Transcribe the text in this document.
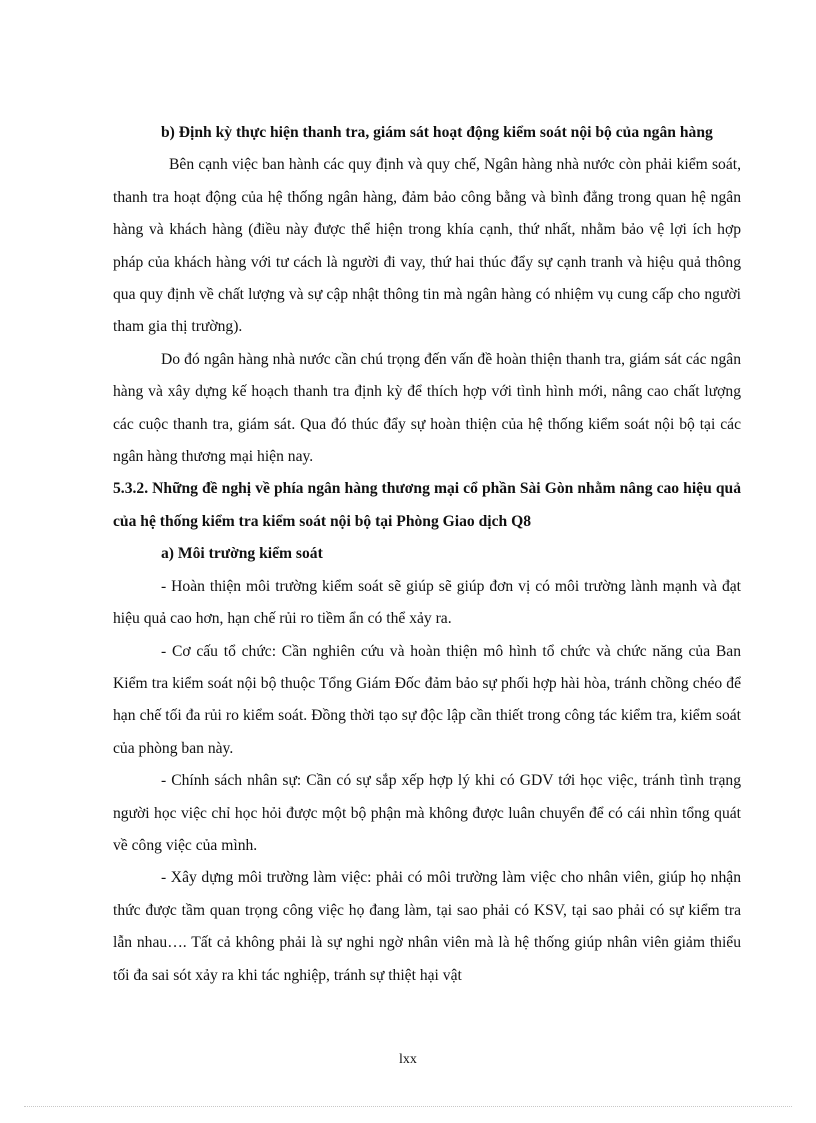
b) Định kỳ thực hiện thanh tra, giám sát hoạt động kiểm soát nội bộ của ngân hàng

Bên cạnh việc ban hành các quy định và quy chế, Ngân hàng nhà nước còn phải kiểm soát, thanh tra hoạt động của hệ thống ngân hàng, đảm bảo công bằng và bình đẳng trong quan hệ ngân hàng và khách hàng (điều này được thể hiện trong khía cạnh, thứ nhất, nhằm bảo vệ lợi ích hợp pháp của khách hàng với tư cách là người đi vay, thứ hai thúc đẩy sự cạnh tranh và hiệu quả thông qua quy định về chất lượng và sự cập nhật thông tin mà ngân hàng có nhiệm vụ cung cấp cho người tham gia thị trường).

Do đó ngân hàng nhà nước cần chú trọng đến vấn đề hoàn thiện thanh tra, giám sát các ngân hàng và xây dựng kế hoạch thanh tra định kỳ để thích hợp với tình hình mới, nâng cao chất lượng các cuộc thanh tra, giám sát. Qua đó thúc đẩy sự hoàn thiện của hệ thống kiểm soát nội bộ tại các ngân hàng thương mại hiện nay.

5.3.2. Những đề nghị về phía ngân hàng thương mại cổ phần Sài Gòn nhằm nâng cao hiệu quả của hệ thống kiểm tra kiểm soát nội bộ tại Phòng Giao dịch Q8

a) Môi trường kiểm soát

- Hoàn thiện môi trường kiểm soát sẽ giúp sẽ giúp đơn vị có môi trường lành mạnh và đạt hiệu quả cao hơn, hạn chế rủi ro tiềm ẩn có thể xảy ra.

- Cơ cấu tổ chức: Cần nghiên cứu và hoàn thiện mô hình tổ chức và chức năng của Ban Kiểm tra kiểm soát nội bộ thuộc Tổng Giám Đốc đảm bảo sự phối hợp hài hòa, tránh chồng chéo để hạn chế tối đa rủi ro kiểm soát. Đồng thời tạo sự độc lập cần thiết trong công tác kiểm tra, kiểm soát của phòng ban này.

- Chính sách nhân sự: Cần có sự sắp xếp hợp lý khi có GDV tới học việc, tránh tình trạng người học việc chỉ học hỏi được một bộ phận mà không được luân chuyển để có cái nhìn tổng quát về công việc của mình.

- Xây dựng môi trường làm việc: phải có môi trường làm việc cho nhân viên, giúp họ nhận thức được tầm quan trọng công việc họ đang làm, tại sao phải có KSV, tại sao phải có sự kiểm tra lẫn nhau…. Tất cả không phải là sự nghi ngờ nhân viên mà là hệ thống giúp nhân viên giảm thiểu tối đa sai sót xảy ra khi tác nghiệp, tránh sự thiệt hại vật

lxx
